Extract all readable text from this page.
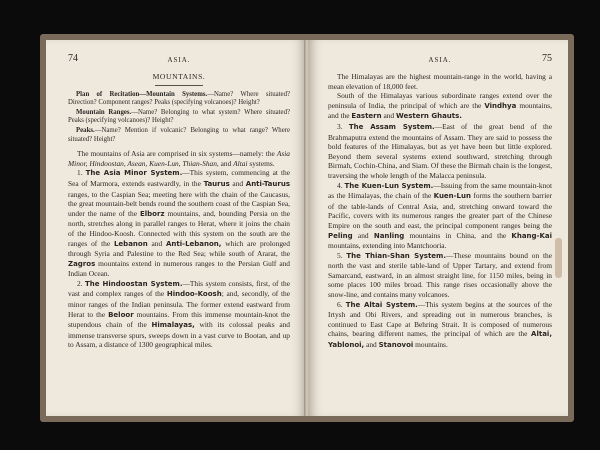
74	ASIA.
MOUNTAINS.

Plan of Recitation—Mountain Systems.—Name? Where situated? Direction? Component ranges? Peaks (specifying volcanoes)? Height?

Mountain Ranges.—Name? Belonging to what system? Where situated? Peaks (specifying volcanoes)? Height?

Peaks.—Name? Mention if volcanic? Belonging to what range? Where situated? Height?

The mountains of Asia are comprised in six systems—namely: the Asia Minor, Hindoostan, Asean, Kuen-Lun, Thian-Shan, and Altai systems.

1. The Asia Minor System.—This system, commencing at the Sea of Marmora, extends eastwardly, in the Taurus and Anti-Taurus ranges, to the Caspian Sea; meeting here with the chain of the Caucasus, the great mountain-belt bends round the southern coast of the Caspian Sea, under the name of the Elborz mountains, and, bounding Persia on the north, stretches along in parallel ranges to Herat, where it joins the chain of the Hindoo-Koosh. Connected with this system on the south are the ranges of the Lebanon and Anti-Lebanon, which are prolonged through Syria and Palestine to the Red Sea; while south of Ararat, the Zagros mountains extend in numerous ranges to the Persian Gulf and Indian Ocean.

2. The Hindoostan System.—This system consists, first, of the vast and complex ranges of the Hindoo-Koosh; and, secondly, of the minor ranges of the Indian peninsula. The former extend eastward from Herat to the Beloor mountains. From this immense mountain-knot the stupendous chain of the Himalayas, with its colossal peaks and immense transverse spurs, sweeps down in a vast curve to Bootan, and up to Assam, a distance of 1300 geographical miles.

ASIA.	75

The Himalayas are the highest mountain-range in the world, having a mean elevation of 18,000 feet.

South of the Himalayas various subordinate ranges extend over the peninsula of India, the principal of which are the Vindhya mountains, and the Eastern and Western Ghauts.

3. The Assam System.—East of the great bend of the Brahmaputra extend the mountains of Assam. They are said to possess the bold features of the Himalayas, but as yet have been but little explored. Beyond them several systems extend southward, stretching through Birmah, Cochin-China, and Siam. Of these the Birmah chain is the longest, traversing the whole length of the Malacca peninsula.

4. The Kuen-Lun System.—Issuing from the same mountain-knot as the Himalayas, the chain of the Kuen-Lun forms the southern barrier of the table-lands of Central Asia, and, stretching onward toward the Pacific, covers with its numerous ranges the greater part of the Chinese Empire on the south and east, the principal component ranges being the Peling and Nanling mountains in China, and the Khang-Kai mountains, extending into Mantchooria.

5. The Thian-Shan System.—These mountains bound on the north the vast and sterile table-land of Upper Tartary, and extend from Samarcand, eastward, in an almost straight line, for 1150 miles, being in some places 100 miles broad. This range rises occasionally above the snow-line, and contains many volcanoes.

6. The Altai System.—This system begins at the sources of the Irtysh and Obi Rivers, and spreading out in numerous branches, is continued to East Cape at Behring Strait. It is composed of numerous chains, bearing different names, the principal of which are the Altai, Yablonoi, and Stanovoi mountains.
